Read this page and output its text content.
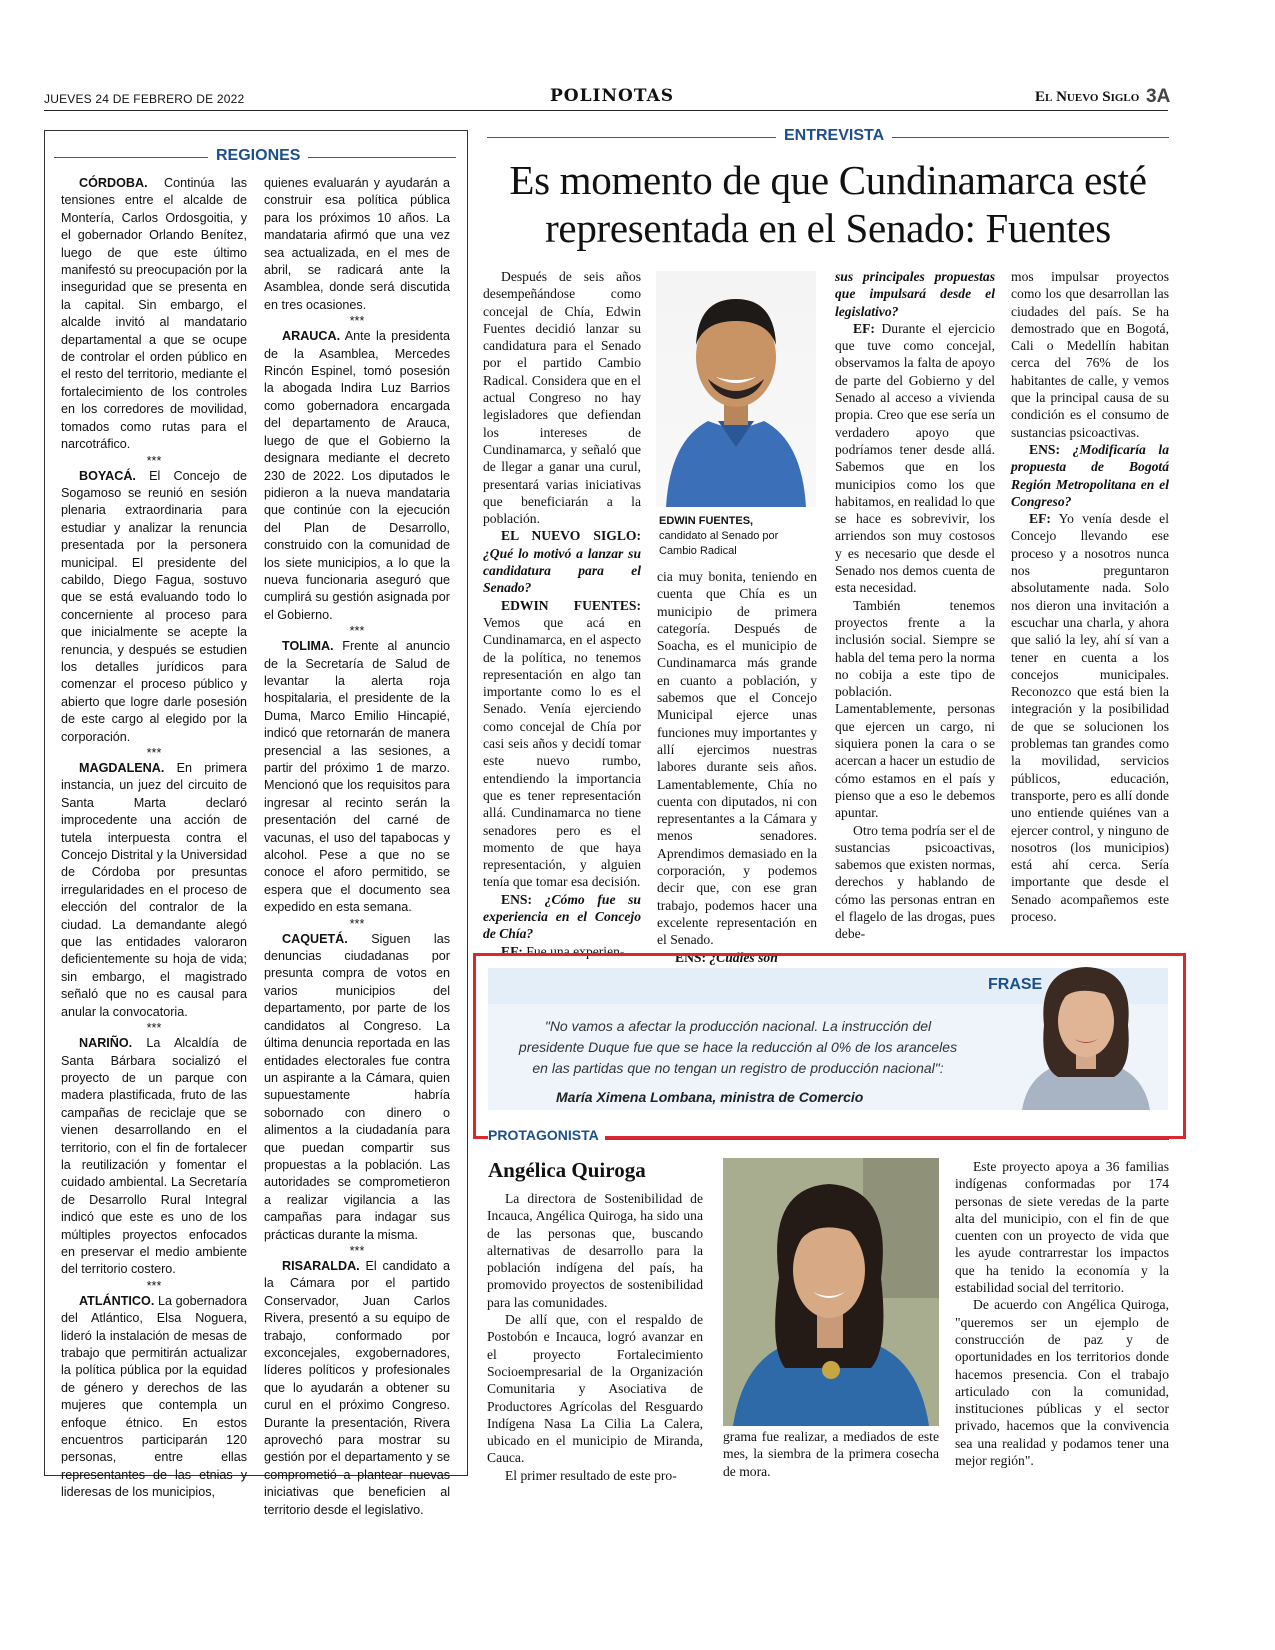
JUEVES 24 DE FEBRERO DE 2022	POLINOTAS	El Nuevo Siglo 3A
REGIONES

CÓRDOBA. Continúa las tensiones entre el alcalde de Montería, Carlos Ordosgoitia, y el gobernador Orlando Benítez, luego de que este último manifestó su preocupación por la inseguridad que se presenta en la capital. Sin embargo, el alcalde invitó al mandatario departamental a que se ocupe de controlar el orden público en el resto del territorio, mediante el fortalecimiento de los controles en los corredores de movilidad, tomados como rutas para el narcotráfico.

***

BOYACÁ. El Concejo de Sogamoso se reunió en sesión plenaria extraordinaria para estudiar y analizar la renuncia presentada por la personera municipal. El presidente del cabildo, Diego Fagua, sostuvo que se está evaluando todo lo concerniente al proceso para que inicialmente se acepte la renuncia, y después se estudien los detalles jurídicos para comenzar el proceso público y abierto que logre darle posesión de este cargo al elegido por la corporación.

***

MAGDALENA. En primera instancia, un juez del circuito de Santa Marta declaró improcedente una acción de tutela interpuesta contra el Concejo Distrital y la Universidad de Córdoba por presuntas irregularidades en el proceso de elección del contralor de la ciudad. La demandante alegó que las entidades valoraron deficientemente su hoja de vida; sin embargo, el magistrado señaló que no es causal para anular la convocatoria.

***

NARIÑO. La Alcaldía de Santa Bárbara socializó el proyecto de un parque con madera plastificada, fruto de las campañas de reciclaje que se vienen desarrollando en el territorio, con el fin de fortalecer la reutilización y fomentar el cuidado ambiental. La Secretaría de Desarrollo Rural Integral indicó que este es uno de los múltiples proyectos enfocados en preservar el medio ambiente del territorio costero.

***

ATLÁNTICO. La gobernadora del Atlántico, Elsa Noguera, lideró la instalación de mesas de trabajo que permitirán actualizar la política pública por la equidad de género y derechos de las mujeres que contempla un enfoque étnico. En estos encuentros participarán 120 personas, entre ellas representantes de las etnias y lideresas de los municipios,

quienes evaluarán y ayudarán a construir esa política pública para los próximos 10 años. La mandataria afirmó que una vez sea actualizada, en el mes de abril, se radicará ante la Asamblea, donde será discutida en tres ocasiones.

***

ARAUCA. Ante la presidenta de la Asamblea, Mercedes Rincón Espinel, tomó posesión la abogada Indira Luz Barrios como gobernadora encargada del departamento de Arauca, luego de que el Gobierno la designara mediante el decreto 230 de 2022. Los diputados le pidieron a la nueva mandataria que continúe con la ejecución del Plan de Desarrollo, construido con la comunidad de los siete municipios, a lo que la nueva funcionaria aseguró que cumplirá su gestión asignada por el Gobierno.

***

TOLIMA. Frente al anuncio de la Secretaría de Salud de levantar la alerta roja hospitalaria, el presidente de la Duma, Marco Emilio Hincapié, indicó que retornarán de manera presencial a las sesiones, a partir del próximo 1 de marzo. Mencionó que los requisitos para ingresar al recinto serán la presentación del carné de vacunas, el uso del tapabocas y alcohol. Pese a que no se conoce el aforo permitido, se espera que el documento sea expedido en esta semana.

***

CAQUETÁ. Siguen las denuncias ciudadanas por presunta compra de votos en varios municipios del departamento, por parte de los candidatos al Congreso. La última denuncia reportada en las entidades electorales fue contra un aspirante a la Cámara, quien supuestamente habría sobornado con dinero o alimentos a la ciudadanía para que puedan compartir sus propuestas a la población. Las autoridades se comprometieron a realizar vigilancia a las campañas para indagar sus prácticas durante la misma.

***

RISARALDA. El candidato a la Cámara por el partido Conservador, Juan Carlos Rivera, presentó a su equipo de trabajo, conformado por exconcejales, exgobernadores, líderes políticos y profesionales que lo ayudarán a obtener su curul en el próximo Congreso. Durante la presentación, Rivera aprovechó para mostrar su gestión por el departamento y se comprometió a plantear nuevas iniciativas que beneficien al territorio desde el legislativo.

ENTREVISTA
Es momento de que Cundinamarca esté
representada en el Senado: Fuentes

Después de seis años desempeñándose como concejal de Chía, Edwin Fuentes decidió lanzar su candidatura para el Senado por el partido Cambio Radical. Considera que en el actual Congreso no hay legisladores que defiendan los intereses de Cundinamarca, y señaló que de llegar a ganar una curul, presentará varias iniciativas que beneficiarán a la población.

EL NUEVO SIGLO: ¿Qué lo motivó a lanzar su candidatura para el Senado?

EDWIN FUENTES: Vemos que acá en Cundinamarca, en el aspecto de la política, no tenemos representación en algo tan importante como lo es el Senado. Venía ejerciendo como concejal de Chía por casi seis años y decidí tomar este nuevo rumbo, entendiendo la importancia que es tener representación allá. Cundinamarca no tiene senadores pero es el momento de que haya representación, y alguien tenía que tomar esa decisión.

ENS: ¿Cómo fue su experiencia en el Concejo de Chía?

EF: Fue una experien-

EDWIN FUENTES,
candidato al Senado por
Cambio Radical

cia muy bonita, teniendo en cuenta que Chía es un municipio de primera categoría. Después de Soacha, es el municipio de Cundinamarca más grande en cuanto a población, y sabemos que el Concejo Municipal ejerce unas funciones muy importantes y allí ejercimos nuestras labores durante seis años. Lamentablemente, Chía no cuenta con diputados, ni con representantes a la Cámara y menos senadores. Aprendimos demasiado en la corporación, y podemos decir que, con ese gran trabajo, podemos hacer una excelente representación en el Senado.

ENS: ¿Cuáles son

sus principales propuestas que impulsará desde el legislativo?

EF: Durante el ejercicio que tuve como concejal, observamos la falta de apoyo de parte del Gobierno y del Senado al acceso a vivienda propia. Creo que ese sería un verdadero apoyo que podríamos tener desde allá. Sabemos que en los municipios como los que habitamos, en realidad lo que se hace es sobrevivir, los arriendos son muy costosos y es necesario que desde el Senado nos demos cuenta de esta necesidad.

También tenemos proyectos frente a la inclusión social. Siempre se habla del tema pero la norma no cobija a este tipo de población. Lamentablemente, personas que ejercen un cargo, ni siquiera ponen la cara o se acercan a hacer un estudio de cómo estamos en el país y pienso que a eso le debemos apuntar.

Otro tema podría ser el de sustancias psicoactivas, sabemos que existen normas, derechos y hablando de cómo las personas entran en el flagelo de las drogas, pues debe-

mos impulsar proyectos como los que desarrollan las ciudades del país. Se ha demostrado que en Bogotá, Cali o Medellín habitan cerca del 76% de los habitantes de calle, y vemos que la principal causa de su condición es el consumo de sustancias psicoactivas.

ENS: ¿Modificaría la propuesta de Bogotá Región Metropolitana en el Congreso?

EF: Yo venía desde el Concejo llevando ese proceso y a nosotros nunca nos preguntaron absolutamente nada. Solo nos dieron una invitación a escuchar una charla, y ahora que salió la ley, ahí sí van a tener en cuenta a los concejos municipales. Reconozco que está bien la integración y la posibilidad de que se solucionen los problemas tan grandes como la movilidad, servicios públicos, educación, transporte, pero es allí donde uno entiende quiénes van a ejercer control, y ninguno de nosotros (los municipios) está ahí cerca. Sería importante que desde el Senado acompañemos este proceso.

FRASE
"No vamos a afectar la producción nacional. La instrucción del
presidente Duque fue que se hace la reducción al 0% de los aranceles
en las partidas que no tengan un registro de producción nacional":
María Ximena Lombana, ministra de Comercio
PROTAGONISTA
Angélica Quiroga

La directora de Sostenibilidad de Incauca, Angélica Quiroga, ha sido una de las personas que, buscando alternativas de desarrollo para la población indígena del país, ha promovido proyectos de sostenibilidad para las comunidades.

De allí que, con el respaldo de Postobón e Incauca, logró avanzar en el proyecto Fortalecimiento Socioempresarial de la Organización Comunitaria y Asociativa de Productores Agrícolas del Resguardo Indígena Nasa La Cilia La Calera, ubicado en el municipio de Miranda, Cauca.

El primer resultado de este pro-

grama fue realizar, a mediados de este mes, la siembra de la primera cosecha de mora.

Este proyecto apoya a 36 familias indígenas conformadas por 174 personas de siete veredas de la parte alta del municipio, con el fin de que cuenten con un proyecto de vida que les ayude contrarrestar los impactos que ha tenido la economía y la estabilidad social del territorio.

De acuerdo con Angélica Quiroga, "queremos ser un ejemplo de construcción de paz y de oportunidades en los territorios donde hacemos presencia. Con el trabajo articulado con la comunidad, instituciones públicas y el sector privado, hacemos que la convivencia sea una realidad y podamos tener una mejor región".
